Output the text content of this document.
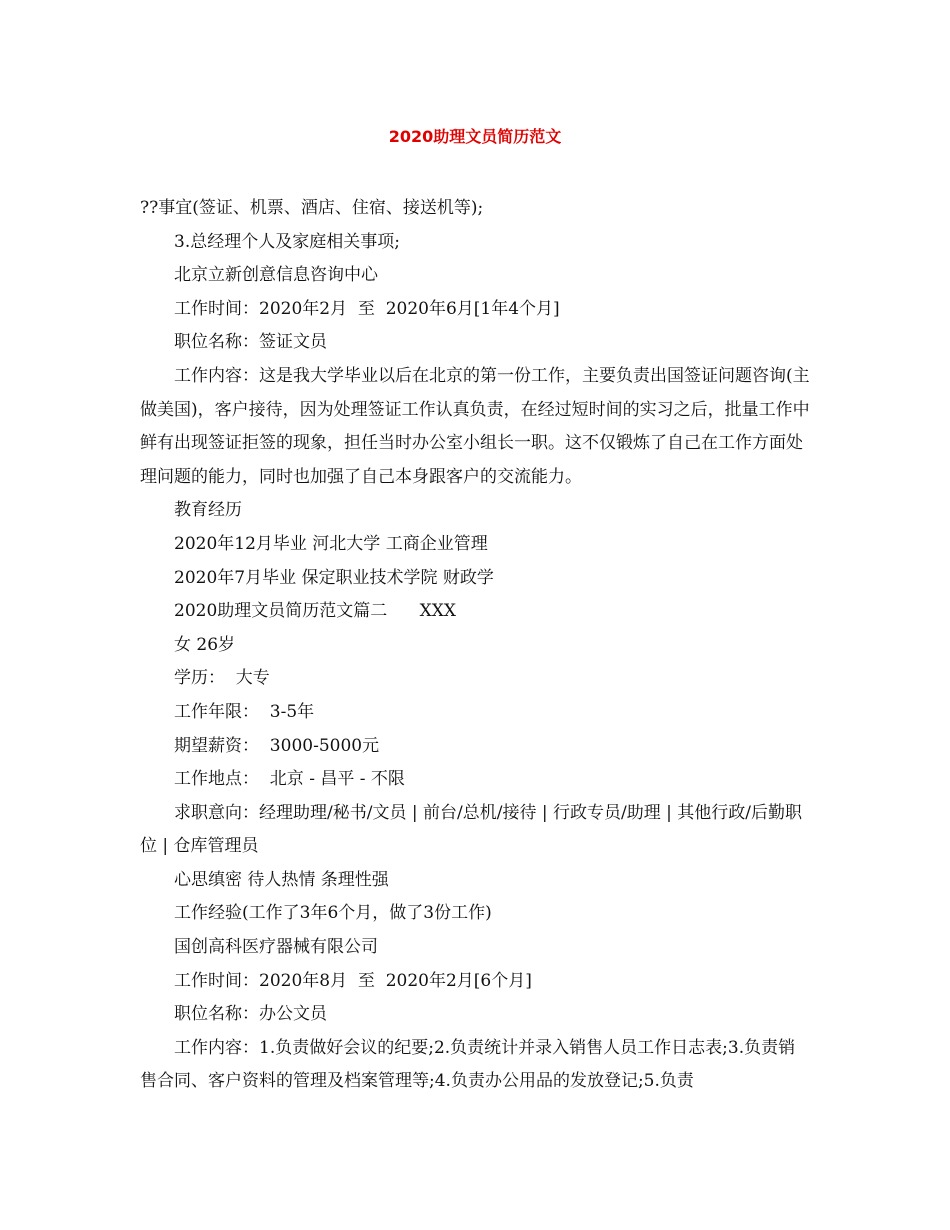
2020助理文员简历范文

??事宜(签证、机票、酒店、住宿、接送机等);

3.总经理个人及家庭相关事项;

北京立新创意信息咨询中心

工作时间：2020年2月  至  2020年6月[1年4个月]

职位名称：签证文员

工作内容：这是我大学毕业以后在北京的第一份工作，主要负责出国签证问题咨询(主做美国)，客户接待，因为处理签证工作认真负责，在经过短时间的实习之后，批量工作中鲜有出现签证拒签的现象，担任当时办公室小组长一职。这不仅锻炼了自己在工作方面处理问题的能力，同时也加强了自己本身跟客户的交流能力。

教育经历

2020年12月毕业 河北大学 工商企业管理

2020年7月毕业 保定职业技术学院 财政学

2020助理文员简历范文篇二      XXX

女 26岁

学历：  大专

工作年限：  3-5年

期望薪资：  3000-5000元

工作地点：  北京 - 昌平 - 不限

求职意向：经理助理/秘书/文员 | 前台/总机/接待 | 行政专员/助理 | 其他行政/后勤职位 | 仓库管理员

心思缜密 待人热情 条理性强

工作经验(工作了3年6个月，做了3份工作)

国创高科医疗器械有限公司

工作时间：2020年8月  至  2020年2月[6个月]

职位名称：办公文员

工作内容：1.负责做好会议的纪要;2.负责统计并录入销售人员工作日志表;3.负责销售合同、客户资料的管理及档案管理等;4.负责办公用品的发放登记;5.负责
